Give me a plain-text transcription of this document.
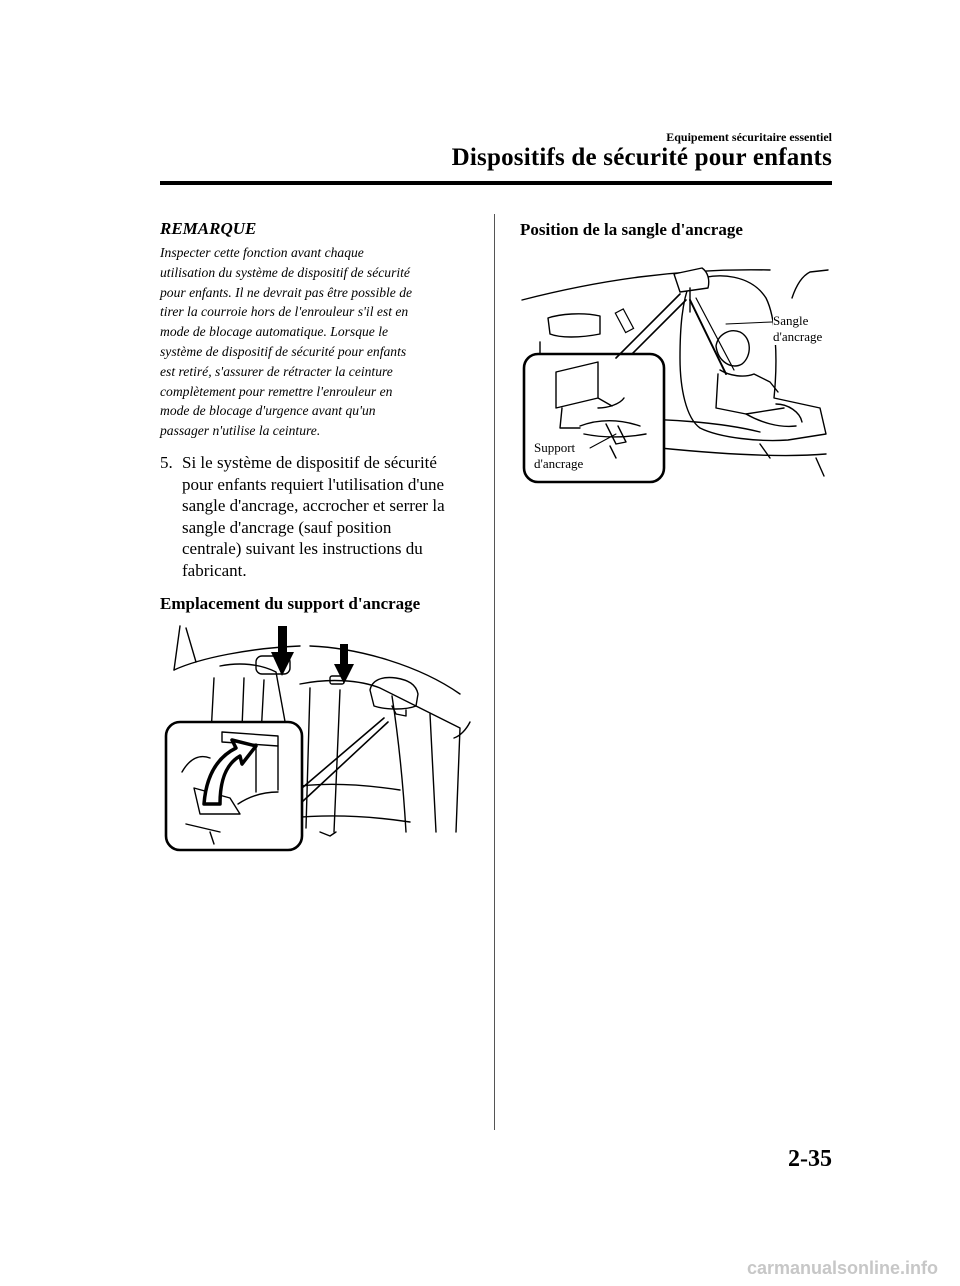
Equipement sécuritaire essentiel
Dispositifs de sécurité pour enfants
REMARQUE
Inspecter cette fonction avant chaque
utilisation du système de dispositif de sécurité
pour enfants. Il ne devrait pas être possible de
tirer la courroie hors de l'enrouleur s'il est en
mode de blocage automatique. Lorsque le
système de dispositif de sécurité pour enfants
est retiré, s'assurer de rétracter la ceinture
complètement pour remettre l'enrouleur en
mode de blocage d'urgence avant qu'un
passager n'utilise la ceinture.
5. Si le système de dispositif de sécurité
pour enfants requiert l'utilisation d'une
sangle d'ancrage, accrocher et serrer la
sangle d'ancrage (sauf position
centrale) suivant les instructions du
fabricant.
Emplacement du support d'ancrage
Position de la sangle d'ancrage
Sangle
d'ancrage
Support
d'ancrage
2-35
carmanualsonline.info
